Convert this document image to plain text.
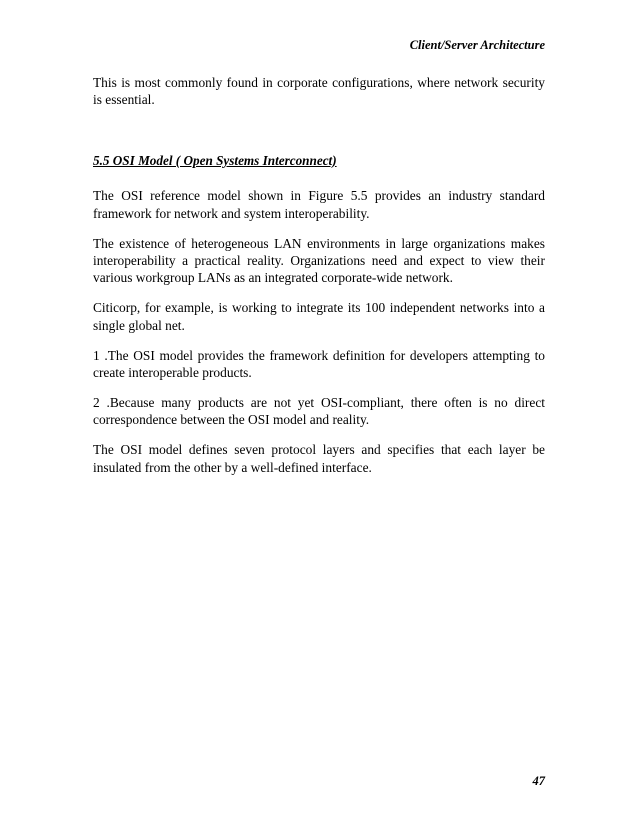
Client/Server Architecture

This is most commonly found in corporate configurations, where network security is essential.

5.5 OSI Model ( Open Systems Interconnect)

The OSI reference model shown in Figure 5.5 provides an industry standard framework for network and system interoperability.

The existence of heterogeneous LAN environments in large organizations makes interoperability a practical reality. Organizations need and expect to view their various workgroup LANs as an integrated corporate-wide network.

Citicorp, for example, is working to integrate its 100 independent networks into a single global net.

1 .The OSI model provides the framework definition for developers attempting to create interoperable products.

2 .Because many products are not yet OSI-compliant, there often is no direct correspondence between the OSI model and reality.

The OSI model defines seven protocol layers and specifies that each layer be insulated from the other by a well-defined interface.

47
